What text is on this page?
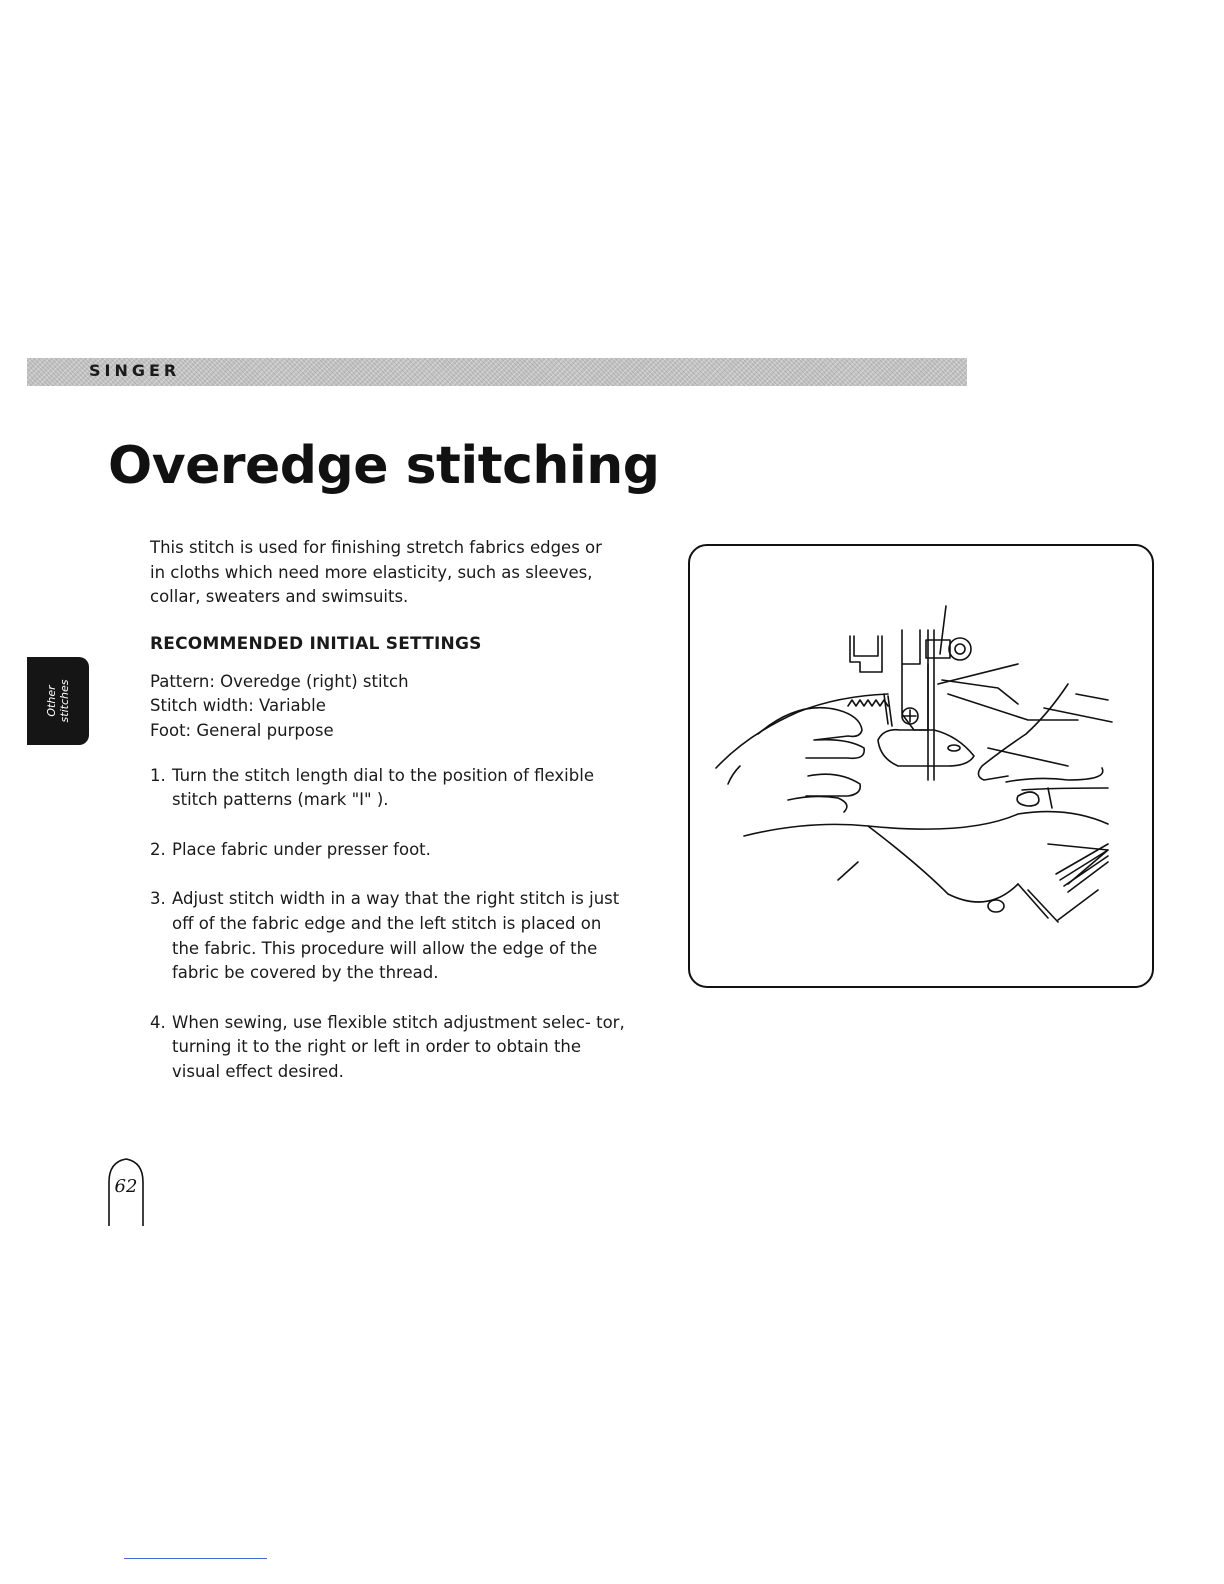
SINGER
Overedge stitching
Other
stitches

This stitch is used for finishing stretch fabrics edges or in cloths which need more elasticity, such as sleeves, collar, sweaters and swimsuits.

RECOMMENDED INITIAL SETTINGS
Pattern: Overedge (right) stitch
Stitch width: Variable
Foot: General purpose
1. Turn the stitch length dial to the position of flexible stitch patterns (mark "I" ).
2. Place fabric under presser foot.
3. Adjust stitch width in a way that the right stitch is just off of the fabric edge and the left stitch is placed on the fabric. This procedure will allow the edge of the fabric be covered by the thread.
4. When sewing, use flexible stitch adjustment selec- tor, turning it to the right or left in order to obtain the visual effect desired.
62
